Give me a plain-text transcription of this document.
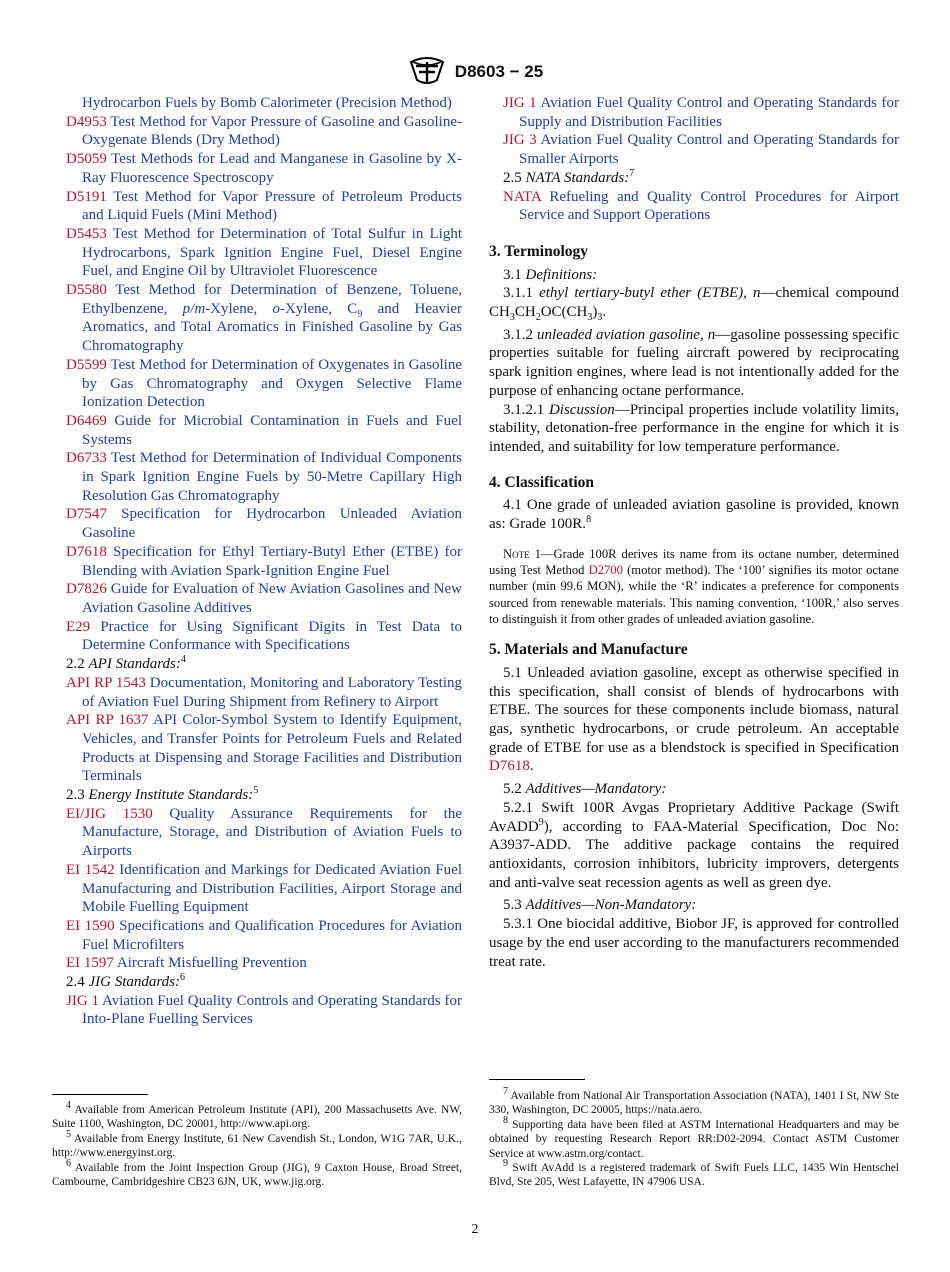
D8603 − 25

Hydrocarbon Fuels by Bomb Calorimeter (Precision Method)

D4953 Test Method for Vapor Pressure of Gasoline and Gasoline-Oxygenate Blends (Dry Method)

D5059 Test Methods for Lead and Manganese in Gasoline by X-Ray Fluorescence Spectroscopy

D5191 Test Method for Vapor Pressure of Petroleum Products and Liquid Fuels (Mini Method)

D5453 Test Method for Determination of Total Sulfur in Light Hydrocarbons, Spark Ignition Engine Fuel, Diesel Engine Fuel, and Engine Oil by Ultraviolet Fluorescence

D5580 Test Method for Determination of Benzene, Toluene, Ethylbenzene, p/m-Xylene, o-Xylene, $C_9$ and Heavier Aromatics, and Total Aromatics in Finished Gasoline by Gas Chromatography

D5599 Test Method for Determination of Oxygenates in Gasoline by Gas Chromatography and Oxygen Selective Flame Ionization Detection

D6469 Guide for Microbial Contamination in Fuels and Fuel Systems

D6733 Test Method for Determination of Individual Components in Spark Ignition Engine Fuels by 50-Metre Capillary High Resolution Gas Chromatography

D7547 Specification for Hydrocarbon Unleaded Aviation Gasoline

D7618 Specification for Ethyl Tertiary-Butyl Ether (ETBE) for Blending with Aviation Spark-Ignition Engine Fuel

D7826 Guide for Evaluation of New Aviation Gasolines and New Aviation Gasoline Additives

E29 Practice for Using Significant Digits in Test Data to Determine Conformance with Specifications

2.2 API Standards:$^4$

API RP 1543 Documentation, Monitoring and Laboratory Testing of Aviation Fuel During Shipment from Refinery to Airport

API RP 1637 API Color-Symbol System to Identify Equipment, Vehicles, and Transfer Points for Petroleum Fuels and Related Products at Dispensing and Storage Facilities and Distribution Terminals

2.3 Energy Institute Standards:$^5$

EI/JIG 1530 Quality Assurance Requirements for the Manufacture, Storage, and Distribution of Aviation Fuels to Airports

EI 1542 Identification and Markings for Dedicated Aviation Fuel Manufacturing and Distribution Facilities, Airport Storage and Mobile Fuelling Equipment

EI 1590 Specifications and Qualification Procedures for Aviation Fuel Microfilters

EI 1597 Aircraft Misfuelling Prevention

2.4 JIG Standards:$^6$

JIG 1 Aviation Fuel Quality Controls and Operating Standards for Into-Plane Fuelling Services

JIG 1 Aviation Fuel Quality Control and Operating Standards for Supply and Distribution Facilities

JIG 3 Aviation Fuel Quality Control and Operating Standards for Smaller Airports

2.5 NATA Standards:$^7$

NATA Refueling and Quality Control Procedures for Airport Service and Support Operations

3. Terminology

3.1 Definitions:

3.1.1 ethyl tertiary-butyl ether (ETBE), n—chemical compound $CH_3CH_2OC(CH_3)_3$.

3.1.2 unleaded aviation gasoline, n—gasoline possessing specific properties suitable for fueling aircraft powered by reciprocating spark ignition engines, where lead is not intentionally added for the purpose of enhancing octane performance.

3.1.2.1 Discussion—Principal properties include volatility limits, stability, detonation-free performance in the engine for which it is intended, and suitability for low temperature performance.

4. Classification

4.1 One grade of unleaded aviation gasoline is provided, known as: Grade 100R.$^8$

Note 1—Grade 100R derives its name from its octane number, determined using Test Method D2700 (motor method). The ‘100’ signifies its motor octane number (min 99.6 MON), while the ‘R’ indicates a preference for components sourced from renewable materials. This naming convention, ‘100R,’ also serves to distinguish it from other grades of unleaded aviation gasoline.

5. Materials and Manufacture

5.1 Unleaded aviation gasoline, except as otherwise specified in this specification, shall consist of blends of hydrocarbons with ETBE. The sources for these components include biomass, natural gas, synthetic hydrocarbons, or crude petroleum. An acceptable grade of ETBE for use as a blendstock is specified in Specification D7618.

5.2 Additives—Mandatory:

5.2.1 Swift 100R Avgas Proprietary Additive Package (Swift AvADD$^9$), according to FAA-Material Specification, Doc No: A3937-ADD. The additive package contains the required antioxidants, corrosion inhibitors, lubricity improvers, detergents and anti-valve seat recession agents as well as green dye.

5.3 Additives—Non-Mandatory:

5.3.1 One biocidal additive, Biobor JF, is approved for controlled usage by the end user according to the manufacturers recommended treat rate.

$^4$ Available from American Petroleum Institute (API), 200 Massachusetts Ave. NW, Suite 1100, Washington, DC 20001, http://www.api.org.

$^5$ Available from Energy Institute, 61 New Cavendish St., London, W1G 7AR, U.K., http://www.energyinst.org.

$^6$ Available from the Joint Inspection Group (JIG), 9 Caxton House, Broad Street, Cambourne, Cambridgeshire CB23 6JN, UK, www.jig.org.

$^7$ Available from National Air Transportation Association (NATA), 1401 I St, NW Ste 330, Washington, DC 20005, https://nata.aero.

$^8$ Supporting data have been filed at ASTM International Headquarters and may be obtained by requesting Research Report RR:D02-2094. Contact ASTM Customer Service at www.astm.org/contact.

$^9$ Swift AvAdd is a registered trademark of Swift Fuels LLC, 1435 Win Hentschel Blvd, Ste 205, West Lafayette, IN 47906 USA.

2
